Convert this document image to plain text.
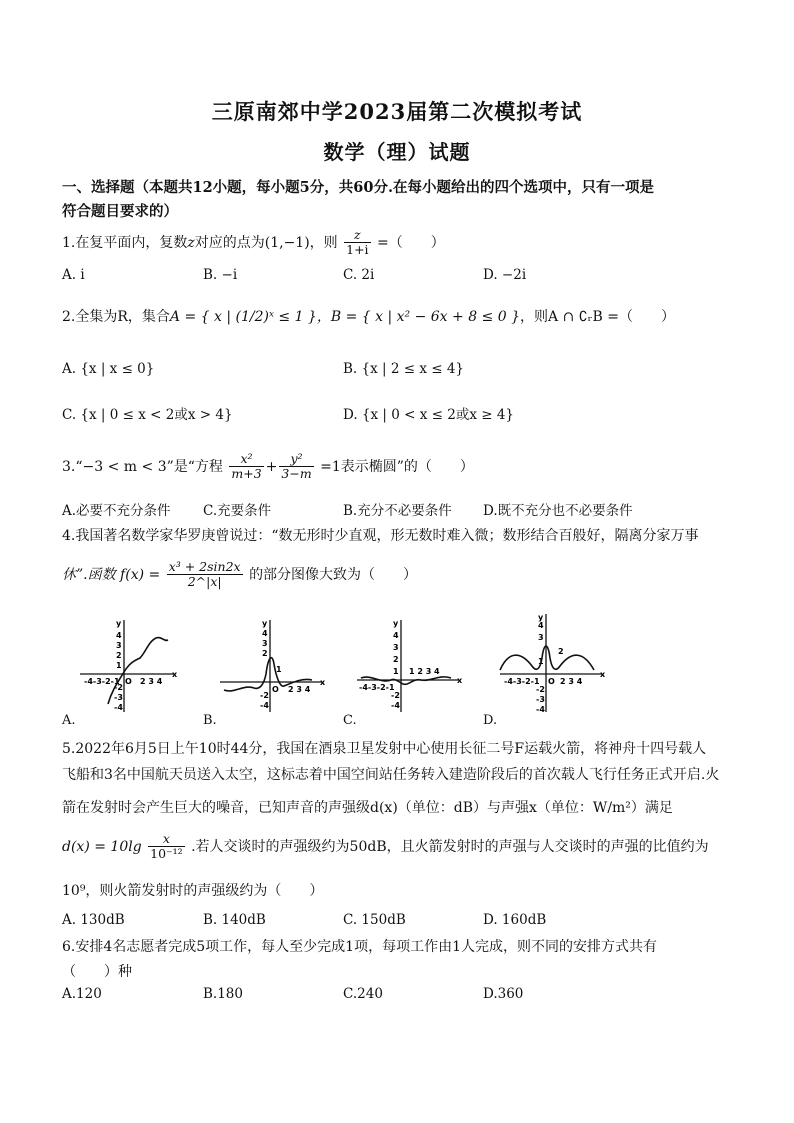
三原南郊中学2023届第二次模拟考试
数学（理）试题
一、选择题（本题共12小题，每小题5分，共60分.在每小题给出的四个选项中，只有一项是
符合题目要求的）
1.在复平面内，复数z对应的点为(1,−1)，则 $\frac{z}{1+i}$ =（　　）
A. i	B. −i	C. 2i	D. −2i
2.全集为R，集合A = { x | (1/2)ˣ ≤ 1 }，B = { x | x² − 6x + 8 ≤ 0 }，则A ∩ ∁ᵣB =（　　）
A. {x | x ≤ 0}	B. {x | 2 ≤ x ≤ 4}
C. {x | 0 ≤ x < 2或x > 4}	D. {x | 0 < x ≤ 2或x ≥ 4}
3.“−3 < m < 3”是“方程 $\frac{\text{x²}}{m+3} + \frac{\text{y²}}{3-m} =1$表示椭圆”的（　　）
A.必要不充分条件 C.充要条件	B.充分不必要条件 D.既不充分也不必要条件
4.我国著名数学家华罗庚曾说过：“数无形时少直观，形无数时难入微；数形结合百般好，隔离分家万事
休”.函数 $f(x) = \frac{\text{x³ + 2sin2x}}{2\^{}|x|}$ 的部分图像大致为（　　）
y
x
O
4
3
2
1
-2
-3
-4
-4-3-2-1	2 3 4
A.
y
x
O
4
3
2
1
-2
-4
2 3 4
B.
y
x
4
3
2
1 1 2 3 4
-4-3-2-1
-2
-4
C.
y
x
O
4
3
2
1
-4-3-2-1	2 3 4
-2
-3
-4
D.
5.2022年6月5日上午10时44分，我国在酒泉卫星发射中心使用长征二号F运载火箭，将神舟十四号载人
飞船和3名中国航天员送入太空，这标志着中国空间站任务转入建造阶段后的首次载人飞行任务正式开启.火
箭在发射时会产生巨大的噪音，已知声音的声强级d(x)（单位：dB）与声强x（单位：W/m²）满足
$d(x) = 10\lg \frac{x}{\text{10⁻¹²}}$ .若人交谈时的声强级约为50dB，且火箭发射时的声强与人交谈时的声强的比值约为
10⁹，则火箭发射时的声强级约为（　　）
A. 130dB	B. 140dB	C. 150dB	D. 160dB
6.安排4名志愿者完成5项工作，每人至少完成1项，每项工作由1人完成，则不同的安排方式共有
（　　）种
A.120	B.180	C.240	D.360
